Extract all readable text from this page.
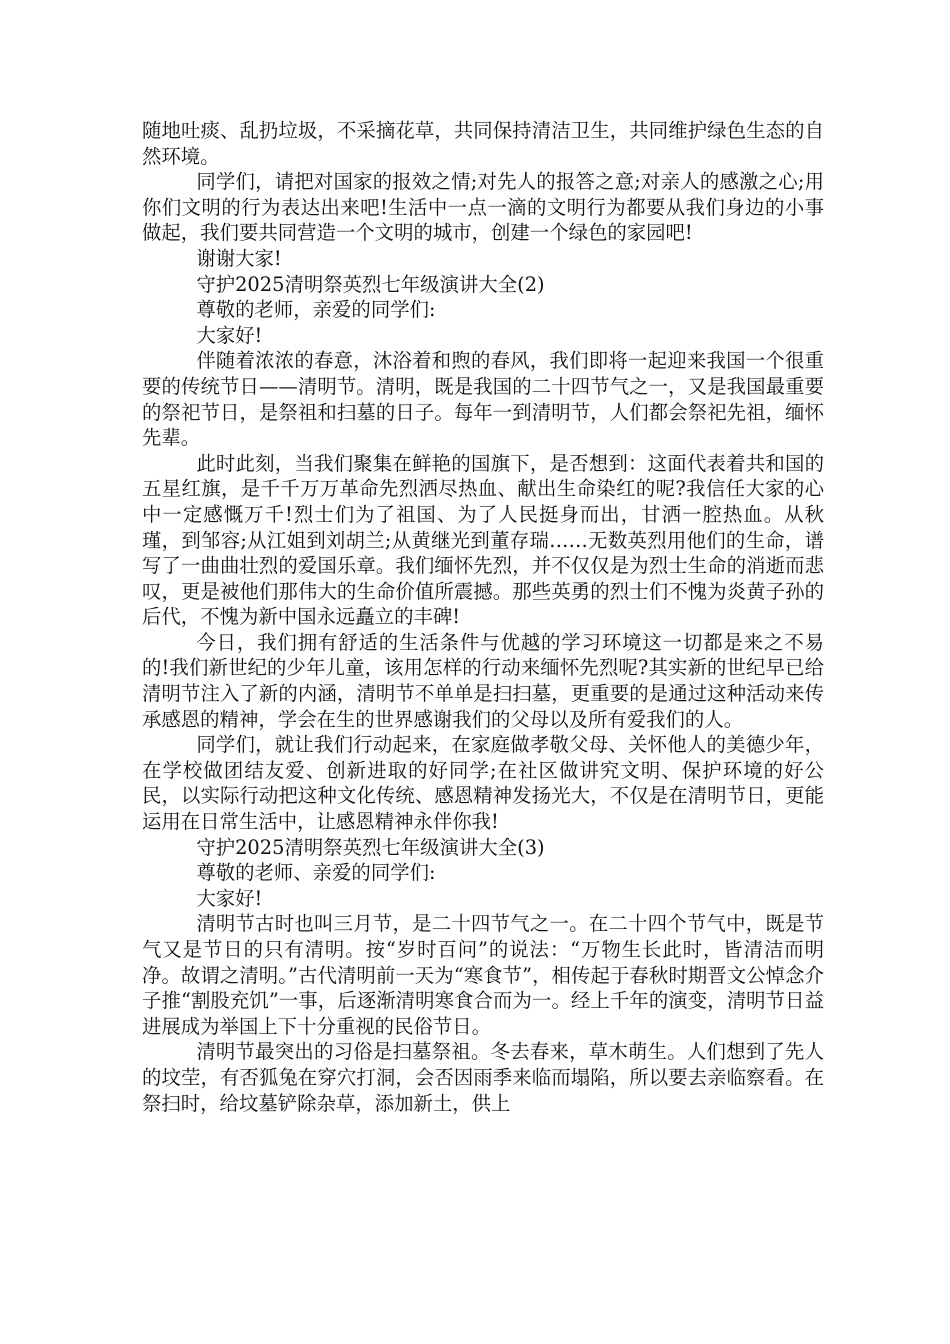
随地吐痰、乱扔垃圾，不采摘花草，共同保持清洁卫生，共同维护绿色生态的自然环境。

同学们，请把对国家的报效之情;对先人的报答之意;对亲人的感激之心;用你们文明的行为表达出来吧!生活中一点一滴的文明行为都要从我们身边的小事做起，我们要共同营造一个文明的城市，创建一个绿色的家园吧!

谢谢大家!

守护2025清明祭英烈七年级演讲大全(2)

尊敬的老师，亲爱的同学们:

大家好!

伴随着浓浓的春意，沐浴着和煦的春风，我们即将一起迎来我国一个很重要的传统节日——清明节。清明，既是我国的二十四节气之一，又是我国最重要的祭祀节日，是祭祖和扫墓的日子。每年一到清明节，人们都会祭祀先祖，缅怀先辈。

此时此刻，当我们聚集在鲜艳的国旗下，是否想到：这面代表着共和国的五星红旗，是千千万万革命先烈洒尽热血、献出生命染红的呢?我信任大家的心中一定感慨万千!烈士们为了祖国、为了人民挺身而出，甘洒一腔热血。从秋瑾，到邹容;从江姐到刘胡兰;从黄继光到董存瑞……无数英烈用他们的生命，谱写了一曲曲壮烈的爱国乐章。我们缅怀先烈，并不仅仅是为烈士生命的消逝而悲叹，更是被他们那伟大的生命价值所震撼。那些英勇的烈士们不愧为炎黄子孙的后代，不愧为新中国永远矗立的丰碑!

今日，我们拥有舒适的生活条件与优越的学习环境这一切都是来之不易的!我们新世纪的少年儿童，该用怎样的行动来缅怀先烈呢?其实新的世纪早已给清明节注入了新的内涵，清明节不单单是扫扫墓，更重要的是通过这种活动来传承感恩的精神，学会在生的世界感谢我们的父母以及所有爱我们的人。

同学们，就让我们行动起来，在家庭做孝敬父母、关怀他人的美德少年，在学校做团结友爱、创新进取的好同学;在社区做讲究文明、保护环境的好公民，以实际行动把这种文化传统、感恩精神发扬光大，不仅是在清明节日，更能运用在日常生活中，让感恩精神永伴你我!

守护2025清明祭英烈七年级演讲大全(3)

尊敬的老师、亲爱的同学们:

大家好!

清明节古时也叫三月节，是二十四节气之一。在二十四个节气中，既是节气又是节日的只有清明。按“岁时百问”的说法：“万物生长此时，皆清洁而明净。故谓之清明。”古代清明前一天为“寒食节”，相传起于春秋时期晋文公悼念介子推“割股充饥”一事，后逐渐清明寒食合而为一。经上千年的演变，清明节日益进展成为举国上下十分重视的民俗节日。

清明节最突出的习俗是扫墓祭祖。冬去春来，草木萌生。人们想到了先人的坟茔，有否狐兔在穿穴打洞，会否因雨季来临而塌陷，所以要去亲临察看。在祭扫时，给坟墓铲除杂草，添加新土，供上
